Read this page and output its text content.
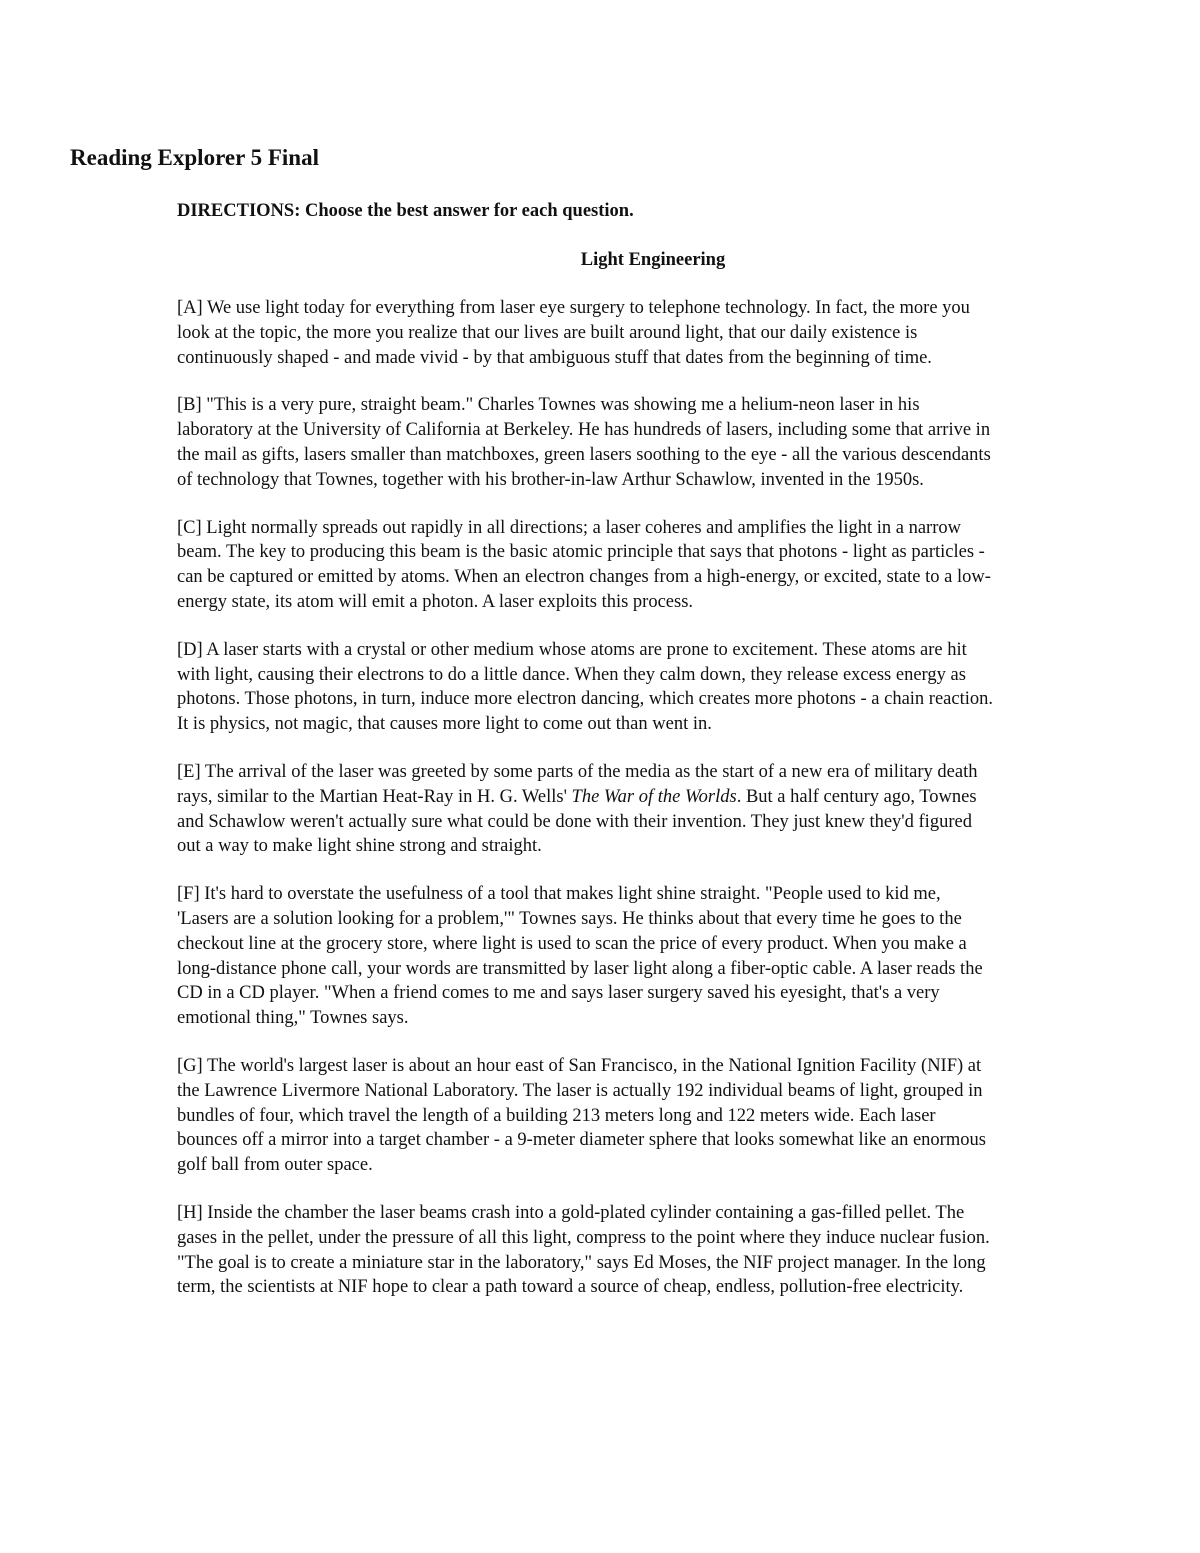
Reading Explorer 5 Final

DIRECTIONS: Choose the best answer for each question.

Light Engineering

[A] We use light today for everything from laser eye surgery to telephone technology. In fact, the more you
look at the topic, the more you realize that our lives are built around light, that our daily existence is
continuously shaped - and made vivid - by that ambiguous stuff that dates from the beginning of time.

[B] "This is a very pure, straight beam." Charles Townes was showing me a helium-neon laser in his
laboratory at the University of California at Berkeley. He has hundreds of lasers, including some that arrive in
the mail as gifts, lasers smaller than matchboxes, green lasers soothing to the eye - all the various descendants
of technology that Townes, together with his brother-in-law Arthur Schawlow, invented in the 1950s.

[C] Light normally spreads out rapidly in all directions; a laser coheres and amplifies the light in a narrow
beam. The key to producing this beam is the basic atomic principle that says that photons - light as particles -
can be captured or emitted by atoms. When an electron changes from a high-energy, or excited, state to a low-
energy state, its atom will emit a photon. A laser exploits this process.

[D] A laser starts with a crystal or other medium whose atoms are prone to excitement. These atoms are hit
with light, causing their electrons to do a little dance. When they calm down, they release excess energy as
photons. Those photons, in turn, induce more electron dancing, which creates more photons - a chain reaction.
It is physics, not magic, that causes more light to come out than went in.

[E] The arrival of the laser was greeted by some parts of the media as the start of a new era of military death
rays, similar to the Martian Heat-Ray in H. G. Wells' The War of the Worlds. But a half century ago, Townes
and Schawlow weren't actually sure what could be done with their invention. They just knew they'd figured
out a way to make light shine strong and straight.

[F] It's hard to overstate the usefulness of a tool that makes light shine straight. "People used to kid me,
'Lasers are a solution looking for a problem,'" Townes says. He thinks about that every time he goes to the
checkout line at the grocery store, where light is used to scan the price of every product. When you make a
long-distance phone call, your words are transmitted by laser light along a fiber-optic cable. A laser reads the
CD in a CD player. "When a friend comes to me and says laser surgery saved his eyesight, that's a very
emotional thing," Townes says.

[G] The world's largest laser is about an hour east of San Francisco, in the National Ignition Facility (NIF) at
the Lawrence Livermore National Laboratory. The laser is actually 192 individual beams of light, grouped in
bundles of four, which travel the length of a building 213 meters long and 122 meters wide. Each laser
bounces off a mirror into a target chamber - a 9-meter diameter sphere that looks somewhat like an enormous
golf ball from outer space.

[H] Inside the chamber the laser beams crash into a gold-plated cylinder containing a gas-filled pellet. The
gases in the pellet, under the pressure of all this light, compress to the point where they induce nuclear fusion.
"The goal is to create a miniature star in the laboratory," says Ed Moses, the NIF project manager. In the long
term, the scientists at NIF hope to clear a path toward a source of cheap, endless, pollution-free electricity.
